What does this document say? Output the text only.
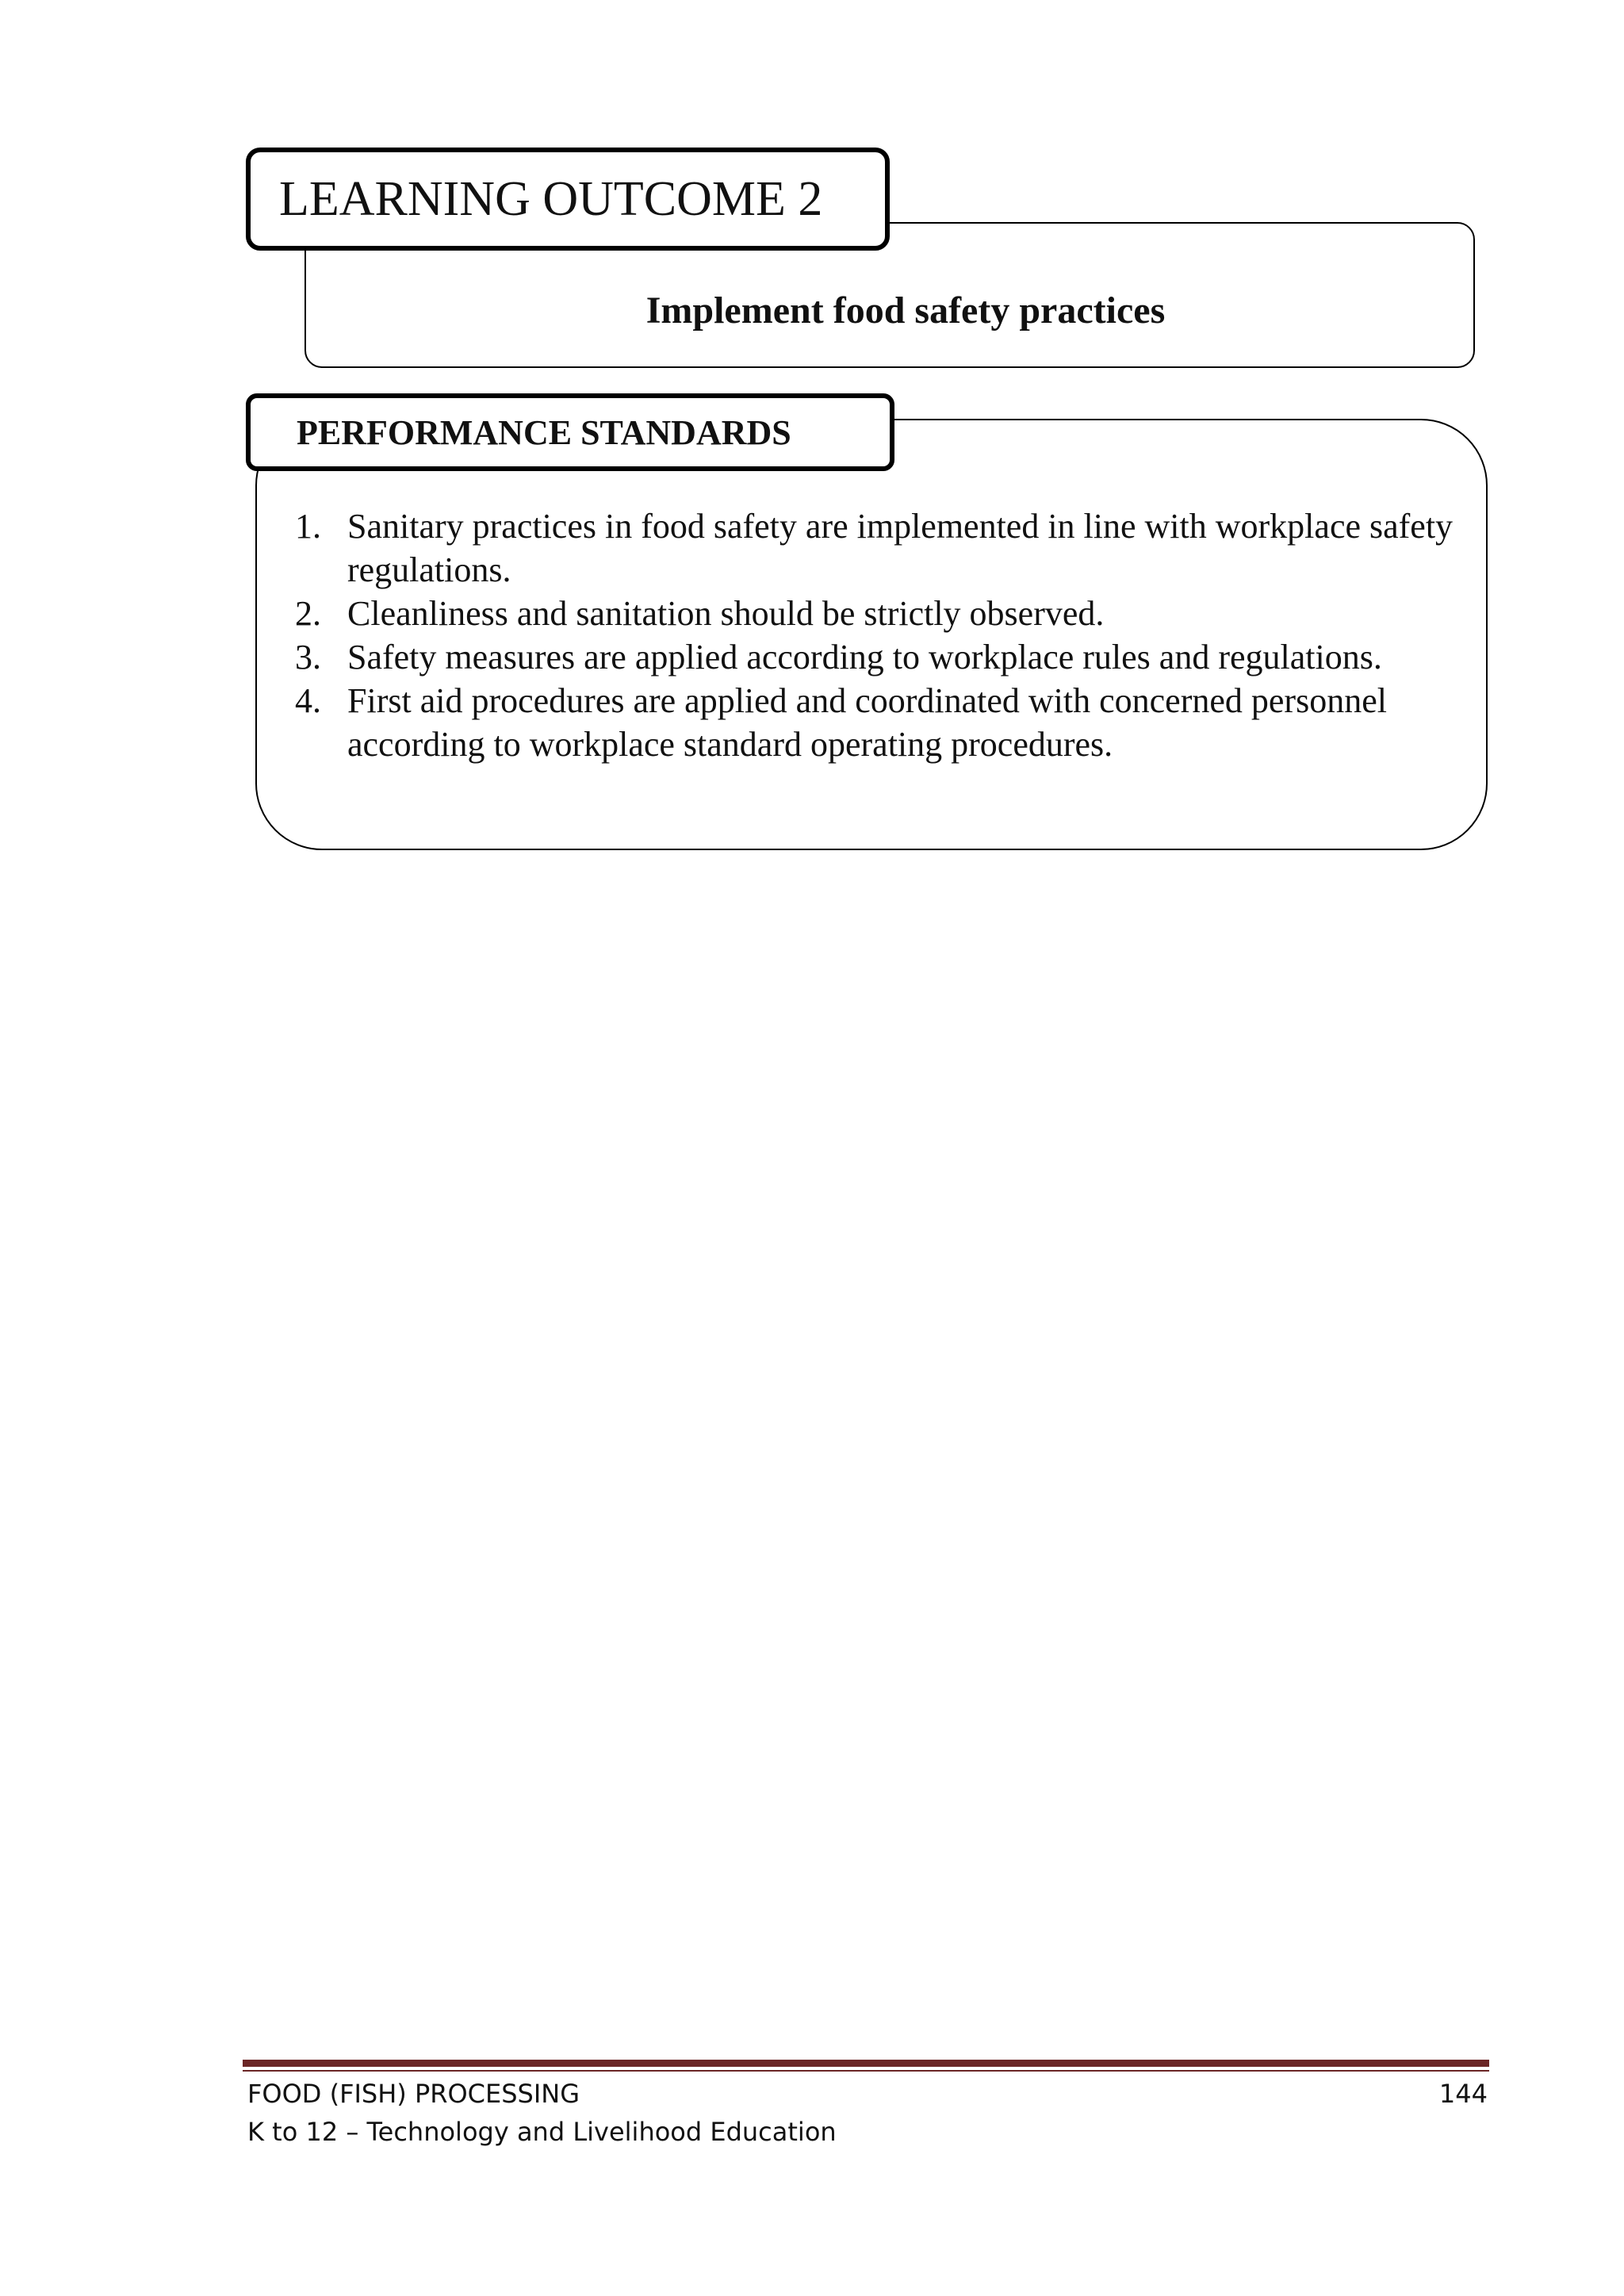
Implement food safety practices
LEARNING OUTCOME 2
PERFORMANCE STANDARDS
1. Sanitary practices in food safety are implemented in line with workplace safety regulations.
2. Cleanliness and sanitation should be strictly observed.
3. Safety measures are applied according to workplace rules and regulations.
4. First aid procedures are applied and coordinated with concerned personnel according to workplace standard operating procedures.
FOOD (FISH) PROCESSING
K to 12 – Technology and Livelihood Education
144
